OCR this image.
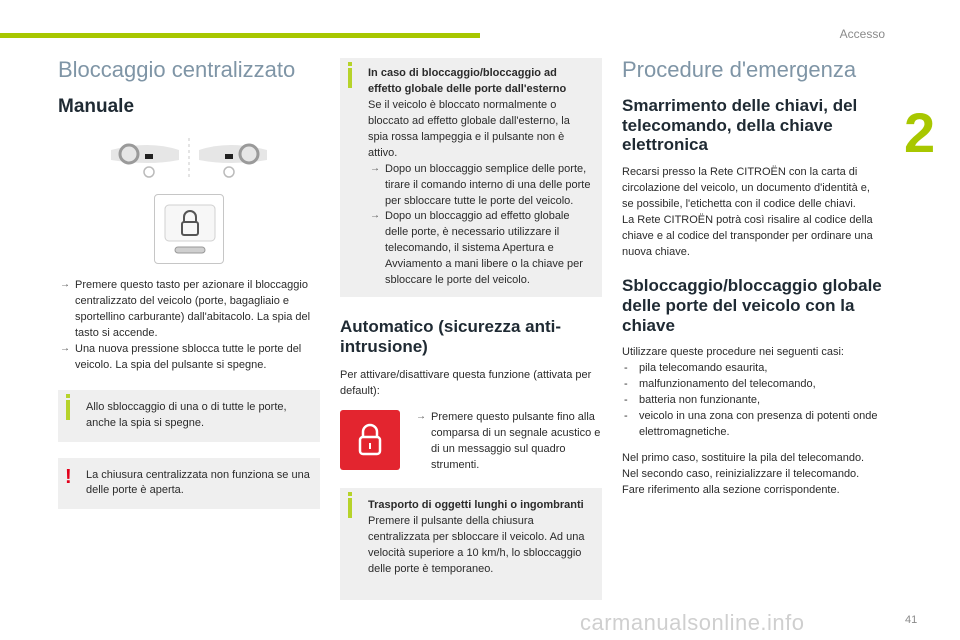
Accesso
2
41
carmanualsonline.info
Bloccaggio centralizzato
Manuale
→ Premere questo tasto per azionare il bloccaggio centralizzato del veicolo (porte, bagagliaio e sportellino carburante) dall'abitacolo. La spia del tasto si accende.
→ Una nuova pressione sblocca tutte le porte del veicolo. La spia del pulsante si spegne.
Allo sbloccaggio di una o di tutte le porte, anche la spia si spegne.
! La chiusura centralizzata non funziona se una delle porte è aperta.
In caso di bloccaggio/bloccaggio ad effetto globale delle porte dall'esterno
Se il veicolo è bloccato normalmente o bloccato ad effetto globale dall'esterno, la spia rossa lampeggia e il pulsante non è attivo.
→ Dopo un bloccaggio semplice delle porte, tirare il comando interno di una delle porte per sbloccare tutte le porte del veicolo.
→ Dopo un bloccaggio ad effetto globale delle porte, è necessario utilizzare il telecomando, il sistema Apertura e Avviamento a mani libere o la chiave per sbloccare le porte del veicolo.
Automatico (sicurezza anti-intrusione)
Per attivare/disattivare questa funzione (attivata per default):
→ Premere questo pulsante fino alla comparsa di un segnale acustico e di un messaggio sul quadro strumenti.
Trasporto di oggetti lunghi o ingombranti
Premere il pulsante della chiusura centralizzata per sbloccare il veicolo. Ad una velocità superiore a 10 km/h, lo sbloccaggio delle porte è temporaneo.
Procedure d'emergenza
Smarrimento delle chiavi, del telecomando, della chiave elettronica
Recarsi presso la Rete CITROËN con la carta di circolazione del veicolo, un documento d'identità e, se possibile, l'etichetta con il codice delle chiavi.
La Rete CITROËN potrà così risalire al codice della chiave e al codice del transponder per ordinare una nuova chiave.
Sbloccaggio/bloccaggio globale delle porte del veicolo con la chiave
Utilizzare queste procedure nei seguenti casi:
- pila telecomando esaurita,
- malfunzionamento del telecomando,
- batteria non funzionante,
- veicolo in una zona con presenza di potenti onde elettromagnetiche.
Nel primo caso, sostituire la pila del telecomando.
Nel secondo caso, reinizializzare il telecomando.
Fare riferimento alla sezione corrispondente.
